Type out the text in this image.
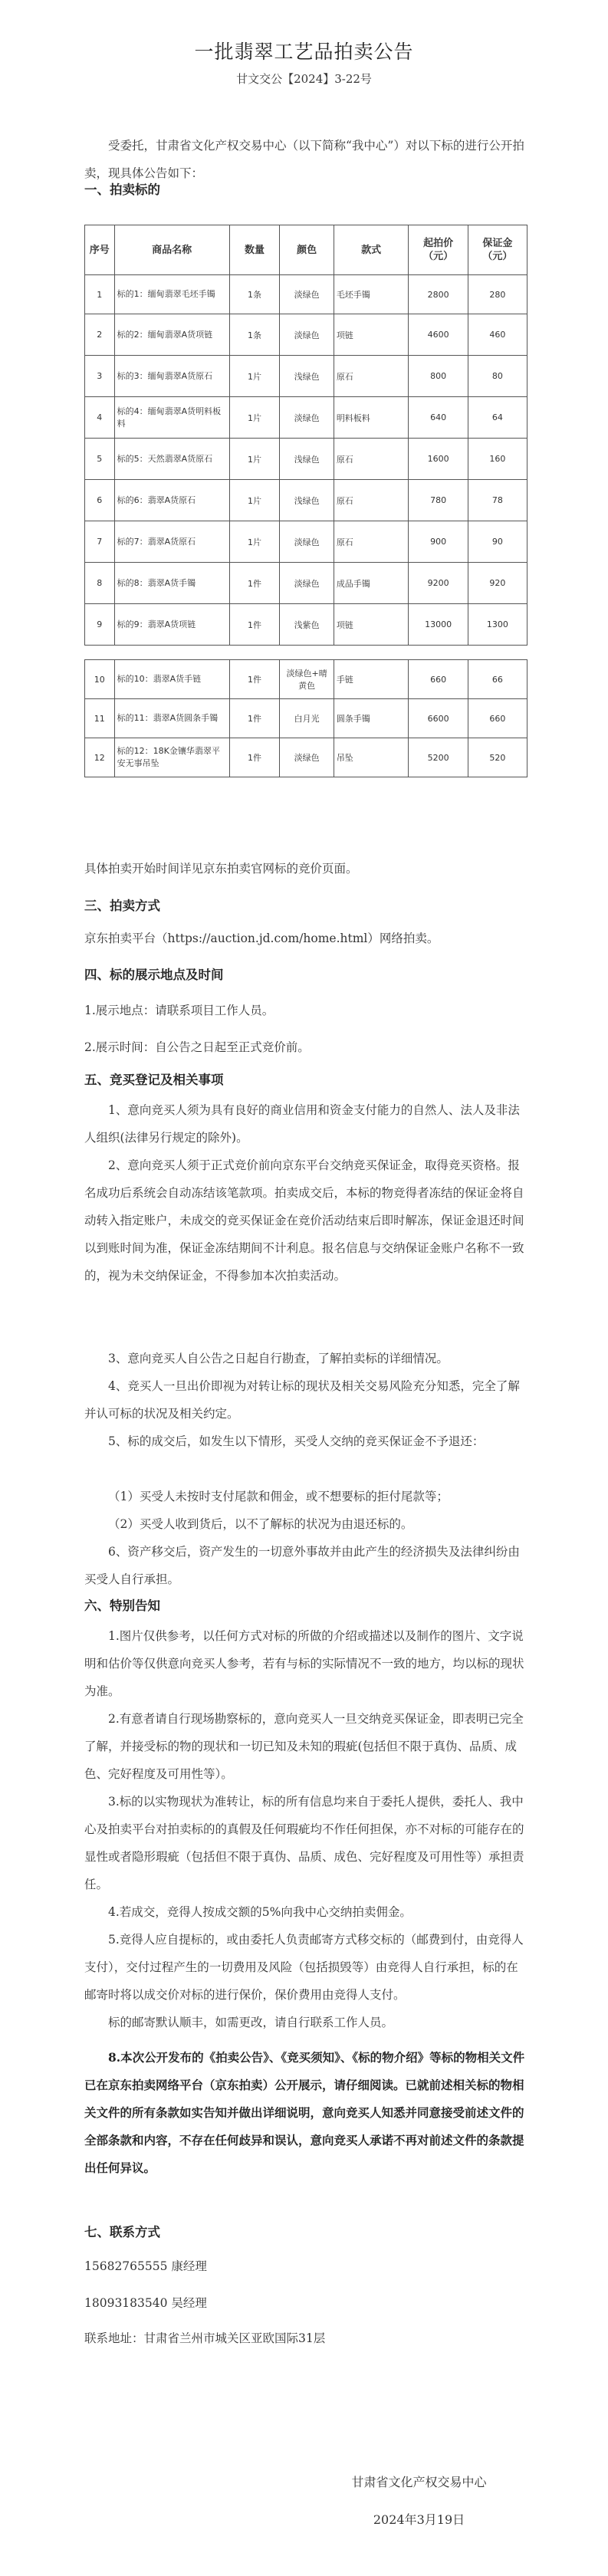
一批翡翠工艺品拍卖公告
甘文交公【2024】3-22号
受委托，甘肃省文化产权交易中心（以下简称“我中心”）对以下标的进行公开拍卖，现具体公告如下：
一、拍卖标的
序号	商品名称	数量	颜色	款式	起拍价（元）	保证金（元）
1	标的1：缅甸翡翠毛坯手镯	1条	淡绿色	毛坯手镯	2800	280
2	标的2：缅甸翡翠A货项链	1条	淡绿色	项链	4600	460
3	标的3：缅甸翡翠A货原石	1片	浅绿色	原石	800	80
4	标的4：缅甸翡翠A货明料板料	1片	淡绿色	明料板料	640	64
5	标的5：天然翡翠A货原石	1片	浅绿色	原石	1600	160
6	标的6：翡翠A货原石	1片	浅绿色	原石	780	78
7	标的7：翡翠A货原石	1片	淡绿色	原石	900	90
8	标的8：翡翠A货手镯	1件	淡绿色	成品手镯	9200	920
9	标的9：翡翠A货项链	1件	浅紫色	项链	13000	1300

10	标的10：翡翠A货手链	1件	淡绿色+晴黄色	手链	660	66
11	标的11：翡翠A货圆条手镯	1件	白月光	圆条手镯	6600	660
12	标的12：18K金镶华翡翠平安无事吊坠	1件	淡绿色	吊坠	5200	520
具体拍卖开始时间详见京东拍卖官网标的竞价页面。
三、拍卖方式
京东拍卖平台（https://auction.jd.com/home.html）网络拍卖。
四、标的展示地点及时间
1.展示地点：请联系项目工作人员。
2.展示时间：自公告之日起至正式竞价前。
五、竞买登记及相关事项
1、意向竞买人须为具有良好的商业信用和资金支付能力的自然人、法人及非法人组织(法律另行规定的除外)。
2、意向竞买人须于正式竞价前向京东平台交纳竞买保证金，取得竞买资格。报名成功后系统会自动冻结该笔款项。拍卖成交后，本标的物竞得者冻结的保证金将自动转入指定账户，未成交的竞买保证金在竞价活动结束后即时解冻，保证金退还时间以到账时间为准，保证金冻结期间不计利息。报名信息与交纳保证金账户名称不一致的，视为未交纳保证金，不得参加本次拍卖活动。
3、意向竞买人自公告之日起自行勘查，了解拍卖标的详细情况。
4、竞买人一旦出价即视为对转让标的现状及相关交易风险充分知悉，完全了解并认可标的状况及相关约定。
5、标的成交后，如发生以下情形，买受人交纳的竞买保证金不予退还：
（1）买受人未按时支付尾款和佣金，或不想要标的拒付尾款等；
（2）买受人收到货后，以不了解标的状况为由退还标的。
6、资产移交后，资产发生的一切意外事故并由此产生的经济损失及法律纠纷由买受人自行承担。
六、特别告知
1.图片仅供参考，以任何方式对标的所做的介绍或描述以及制作的图片、文字说明和估价等仅供意向竞买人参考，若有与标的实际情况不一致的地方，均以标的现状为准。
2.有意者请自行现场勘察标的，意向竞买人一旦交纳竞买保证金，即表明已完全了解，并接受标的物的现状和一切已知及未知的瑕疵(包括但不限于真伪、品质、成色、完好程度及可用性等）。
3.标的以实物现状为准转让，标的所有信息均来自于委托人提供，委托人、我中心及拍卖平台对拍卖标的的真假及任何瑕疵均不作任何担保，亦不对标的可能存在的显性或者隐形瑕疵（包括但不限于真伪、品质、成色、完好程度及可用性等）承担责任。
4.若成交，竞得人按成交额的5%向我中心交纳拍卖佣金。
5.竞得人应自提标的，或由委托人负责邮寄方式移交标的（邮费到付，由竞得人支付），交付过程产生的一切费用及风险（包括损毁等）由竞得人自行承担，标的在邮寄时将以成交价对标的进行保价，保价费用由竞得人支付。
标的邮寄默认顺丰，如需更改，请自行联系工作人员。
8.本次公开发布的《拍卖公告》、《竞买须知》、《标的物介绍》等标的物相关文件已在京东拍卖网络平台（京东拍卖）公开展示，请仔细阅读。已就前述相关标的物相关文件的所有条款如实告知并做出详细说明，意向竞买人知悉并同意接受前述文件的全部条款和内容，不存在任何歧异和误认，意向竞买人承诺不再对前述文件的条款提出任何异议。
七、联系方式
15682765555 康经理
18093183540 吴经理
联系地址：甘肃省兰州市城关区亚欧国际31层
甘肃省文化产权交易中心
2024年3月19日
